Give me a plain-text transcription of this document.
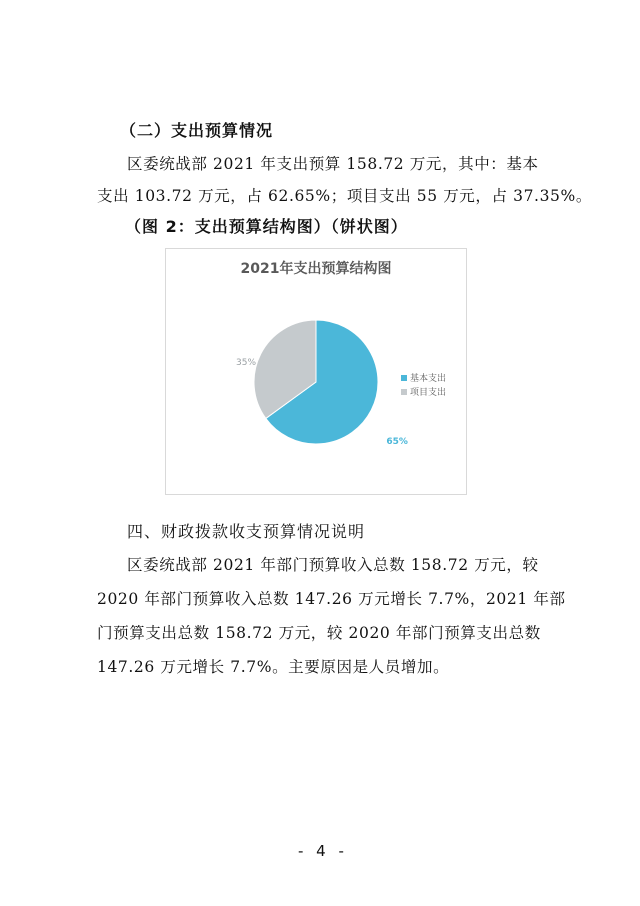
（二）支出预算情况
区委统战部 2021 年支出预算 158.72 万元，其中：基本
支出 103.72 万元，占 62.65%；项目支出 55 万元，占 37.35%。
（图 2：支出预算结构图）（饼状图）
2021年支出预算结构图
65%
35%
基本支出
项目支出
四、财政拨款收支预算情况说明
区委统战部 2021 年部门预算收入总数 158.72 万元，较
2020 年部门预算收入总数 147.26 万元增长 7.7%，2021 年部
门预算支出总数 158.72 万元，较 2020 年部门预算支出总数
147.26 万元增长 7.7%。主要原因是人员增加。
- 4 -
